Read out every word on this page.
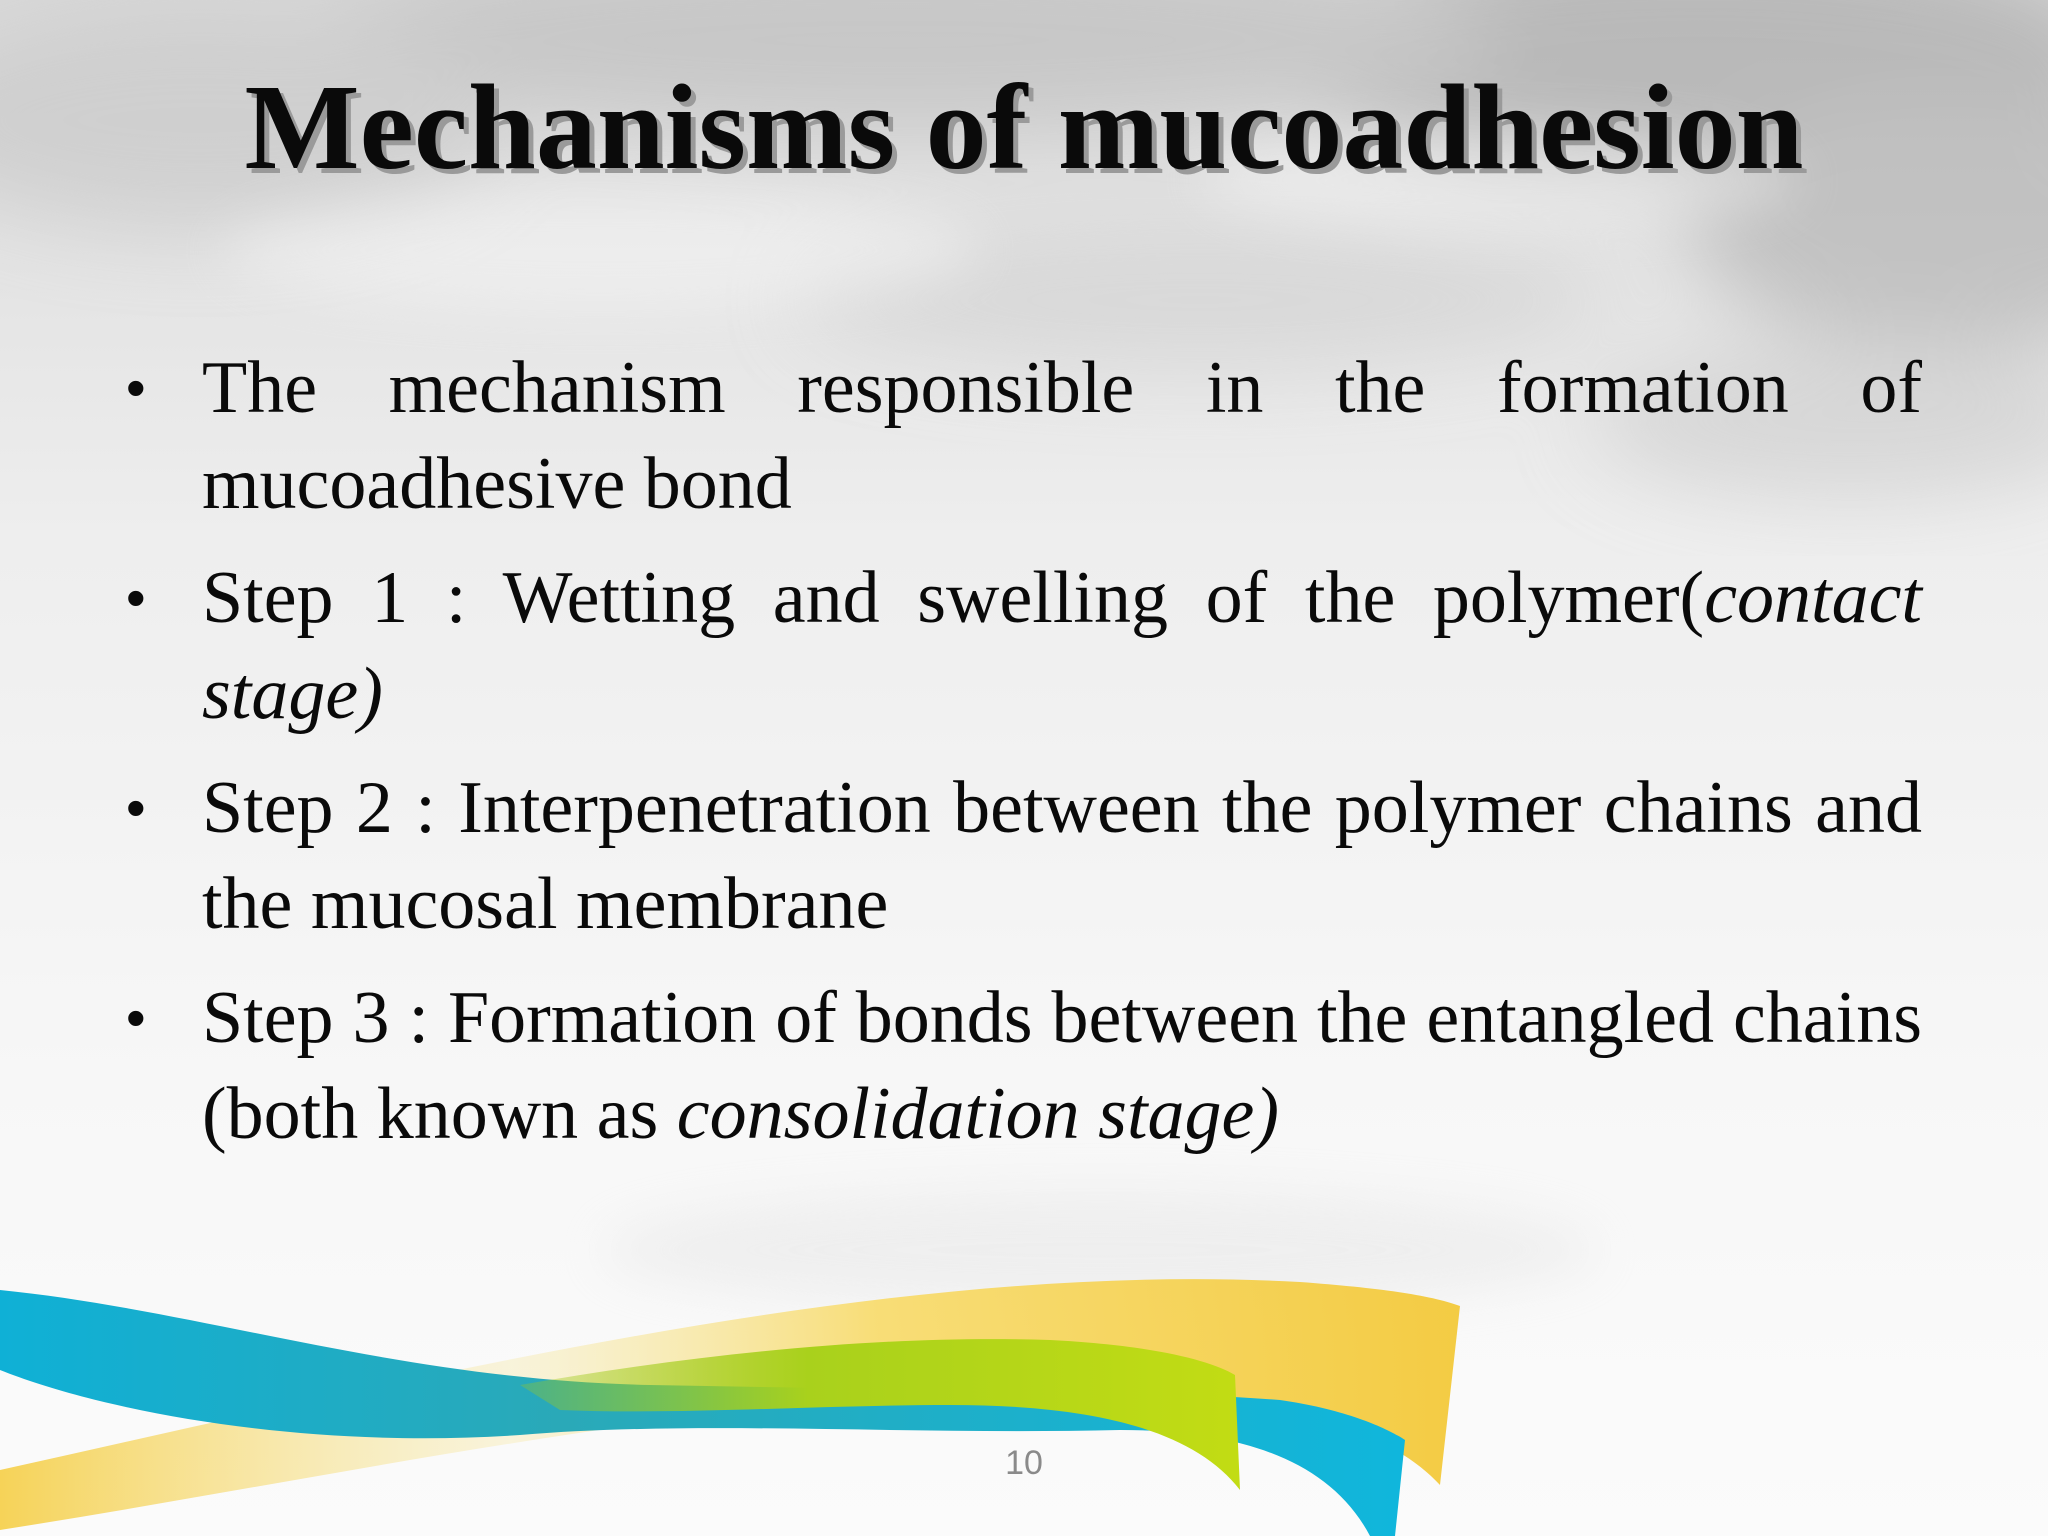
Mechanisms of mucoadhesion
• The mechanism responsible in the formation of mucoadhesive bond
• Step 1 : Wetting and swelling of the polymer(contact stage)
• Step 2 : Interpenetration between the polymer chains and the mucosal membrane
• Step 3 : Formation of bonds between the entangled chains (both known as consolidation stage)
10
